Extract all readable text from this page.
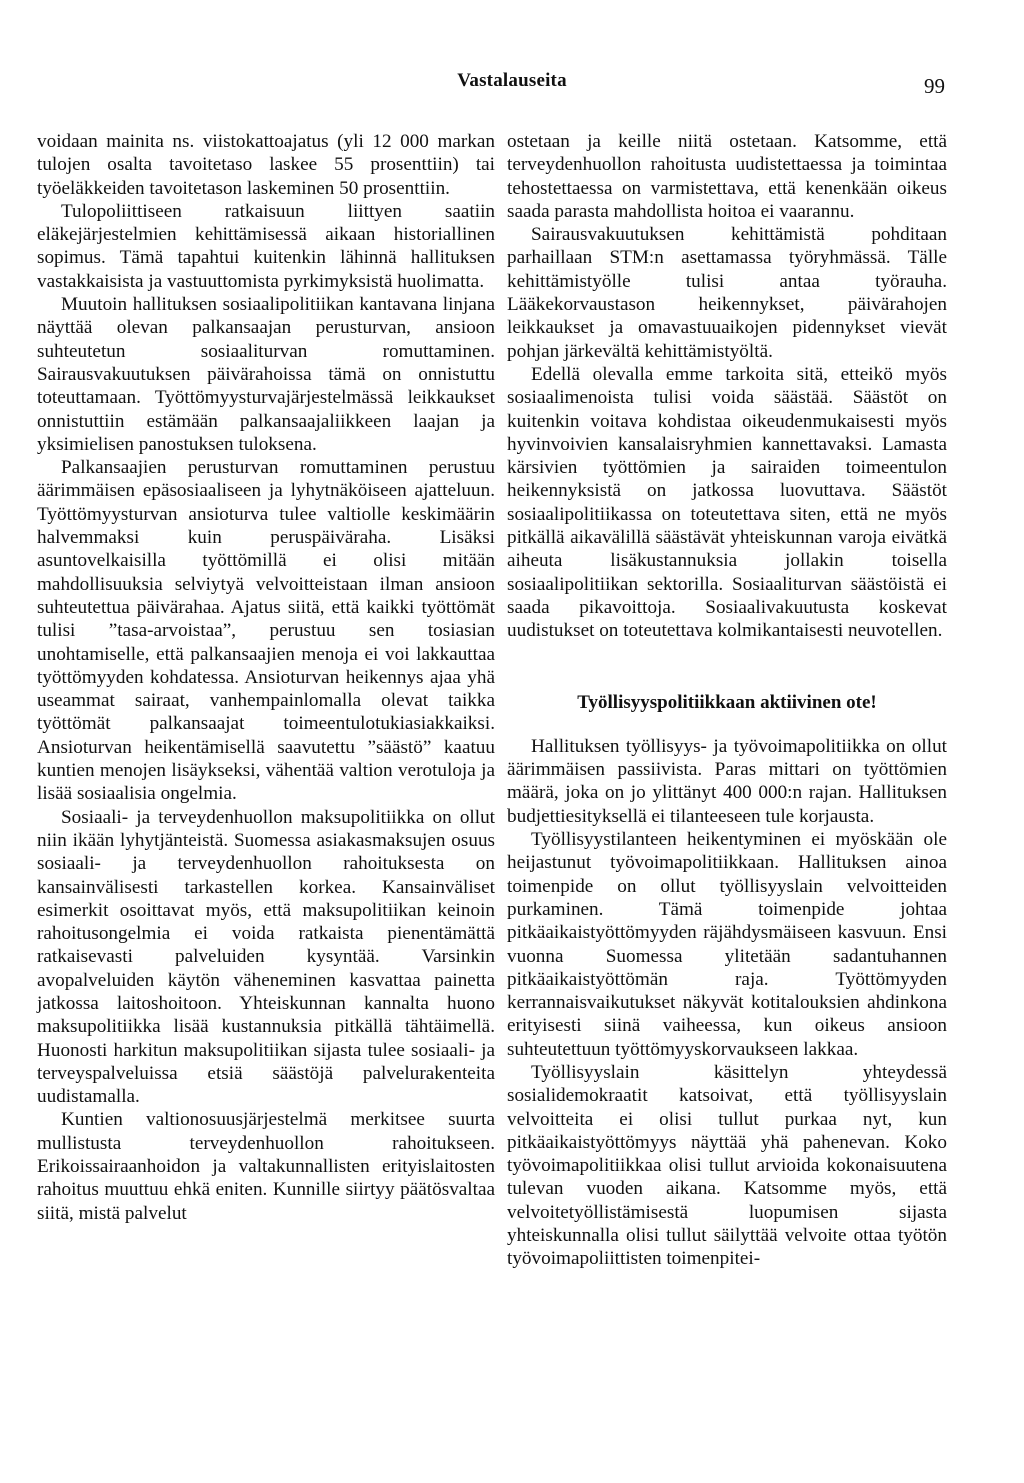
Vastalauseita	99

voidaan mainita ns. viistokattoajatus (yli 12 000 markan tulojen osalta tavoitetaso laskee 55 prosenttiin) tai työeläkkeiden tavoitetason laskeminen 50 prosenttiin.

Tulopoliittiseen ratkaisuun liittyen saatiin eläkejärjestelmien kehittämisessä aikaan historiallinen sopimus. Tämä tapahtui kuitenkin lähinnä hallituksen vastakkaisista ja vastuuttomista pyrkimyksistä huolimatta.

Muutoin hallituksen sosiaalipolitiikan kantavana linjana näyttää olevan palkansaajan perusturvan, ansioon suhteutetun sosiaaliturvan romuttaminen. Sairausvakuutuksen päivärahoissa tämä on onnistuttu toteuttamaan. Työttömyysturvajärjestelmässä leikkaukset onnistuttiin estämään palkansaajaliikkeen laajan ja yksimielisen panostuksen tuloksena.

Palkansaajien perusturvan romuttaminen perustuu äärimmäisen epäsosiaaliseen ja lyhytnäköiseen ajatteluun. Työttömyysturvan ansioturva tulee valtiolle keskimäärin halvemmaksi kuin peruspäiväraha. Lisäksi asuntovelkaisilla työttömillä ei olisi mitään mahdollisuuksia selviytyä velvoitteistaan ilman ansioon suhteutettua päivärahaa. Ajatus siitä, että kaikki työttömät tulisi ”tasa-arvoistaa”, perustuu sen tosiasian unohtamiselle, että palkansaajien menoja ei voi lakkauttaa työttömyyden kohdatessa. Ansioturvan heikennys ajaa yhä useammat sairaat, vanhempainlomalla olevat taikka työttömät palkansaajat toimeentulotukiasiakkaiksi. Ansioturvan heikentämisellä saavutettu ”säästö” kaatuu kuntien menojen lisäykseksi, vähentää valtion verotuloja ja lisää sosiaalisia ongelmia.

Sosiaali- ja terveydenhuollon maksupolitiikka on ollut niin ikään lyhytjänteistä. Suomessa asiakasmaksujen osuus sosiaali- ja terveydenhuollon rahoituksesta on kansainvälisesti tarkastellen korkea. Kansainväliset esimerkit osoittavat myös, että maksupolitiikan keinoin rahoitusongelmia ei voida ratkaista pienentämättä ratkaisevasti palveluiden kysyntää. Varsinkin avopalveluiden käytön väheneminen kasvattaa painetta jatkossa laitoshoitoon. Yhteiskunnan kannalta huono maksupolitiikka lisää kustannuksia pitkällä tähtäimellä. Huonosti harkitun maksupolitiikan sijasta tulee sosiaali- ja terveyspalveluissa etsiä säästöjä palvelurakenteita uudistamalla.

Kuntien valtionosuusjärjestelmä merkitsee suurta mullistusta terveydenhuollon rahoitukseen. Erikoissairaanhoidon ja valtakunnallisten erityislaitosten rahoitus muuttuu ehkä eniten. Kunnille siirtyy päätösvaltaa siitä, mistä palvelut

ostetaan ja keille niitä ostetaan. Katsomme, että terveydenhuollon rahoitusta uudistettaessa ja toimintaa tehostettaessa on varmistettava, että kenenkään oikeus saada parasta mahdollista hoitoa ei vaarannu.

Sairausvakuutuksen kehittämistä pohditaan parhaillaan STM:n asettamassa työryhmässä. Tälle kehittämistyölle tulisi antaa työrauha. Lääkekorvaustason heikennykset, päivärahojen leikkaukset ja omavastuuaikojen pidennykset vievät pohjan järkevältä kehittämistyöltä.

Edellä olevalla emme tarkoita sitä, etteikö myös sosiaalimenoista tulisi voida säästää. Säästöt on kuitenkin voitava kohdistaa oikeudenmukaisesti myös hyvinvoivien kansalaisryhmien kannettavaksi. Lamasta kärsivien työttömien ja sairaiden toimeentulon heikennyksistä on jatkossa luovuttava. Säästöt sosiaalipolitiikassa on toteutettava siten, että ne myös pitkällä aikavälillä säästävät yhteiskunnan varoja eivätkä aiheuta lisäkustannuksia jollakin toisella sosiaalipolitiikan sektorilla. Sosiaaliturvan säästöistä ei saada pikavoittoja. Sosiaalivakuutusta koskevat uudistukset on toteutettava kolmikantaisesti neuvotellen.

Työllisyyspolitiikkaan aktiivinen ote!

Hallituksen työllisyys- ja työvoimapolitiikka on ollut äärimmäisen passiivista. Paras mittari on työttömien määrä, joka on jo ylittänyt 400 000:n rajan. Hallituksen budjettiesityksellä ei tilanteeseen tule korjausta.

Työllisyystilanteen heikentyminen ei myöskään ole heijastunut työvoimapolitiikkaan. Hallituksen ainoa toimenpide on ollut työllisyyslain velvoitteiden purkaminen. Tämä toimenpide johtaa pitkäaikaistyöttömyyden räjähdysmäiseen kasvuun. Ensi vuonna Suomessa ylitetään sadantuhannen pitkäaikaistyöttömän raja. Työttömyyden kerrannaisvaikutukset näkyvät kotitalouksien ahdinkona erityisesti siinä vaiheessa, kun oikeus ansioon suhteutettuun työttömyyskorvaukseen lakkaa.

Työllisyyslain käsittelyn yhteydessä sosialidemokraatit katsoivat, että työllisyyslain velvoitteita ei olisi tullut purkaa nyt, kun pitkäaikaistyöttömyys näyttää yhä pahenevan. Koko työvoimapolitiikkaa olisi tullut arvioida kokonaisuutena tulevan vuoden aikana. Katsomme myös, että velvoitetyöllistämisestä luopumisen sijasta yhteiskunnalla olisi tullut säilyttää velvoite ottaa työtön työvoimapoliittisten toimenpitei-
